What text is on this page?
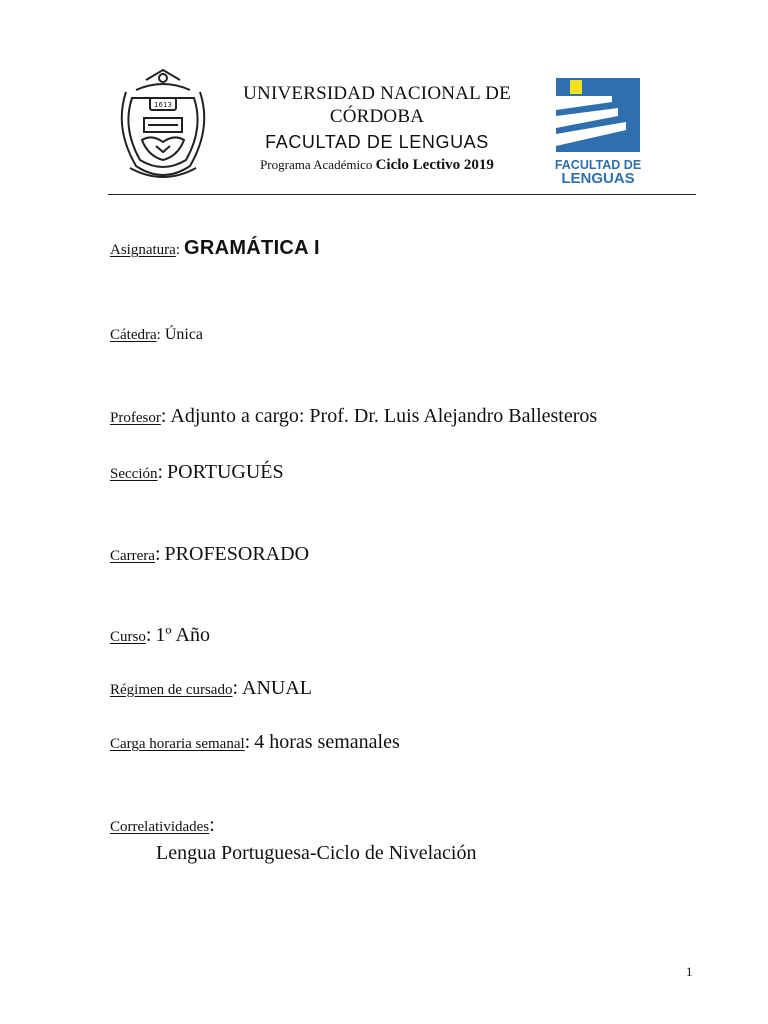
1613
UNIVERSIDAD NACIONAL DE
CÓRDOBA
FACULTAD DE LENGUAS
Programa Académico Ciclo Lectivo 2019	FACULTAD DE
LENGUAS
Asignatura: GRAMÁTICA I
Cátedra: Única
Profesor: Adjunto a cargo: Prof. Dr. Luis Alejandro Ballesteros
Sección: PORTUGUÉS
Carrera: PROFESORADO
Curso: 1º Año
Régimen de cursado: ANUAL
Carga horaria semanal: 4 horas semanales
Correlatividades:
Lengua Portuguesa-Ciclo de Nivelación
1
